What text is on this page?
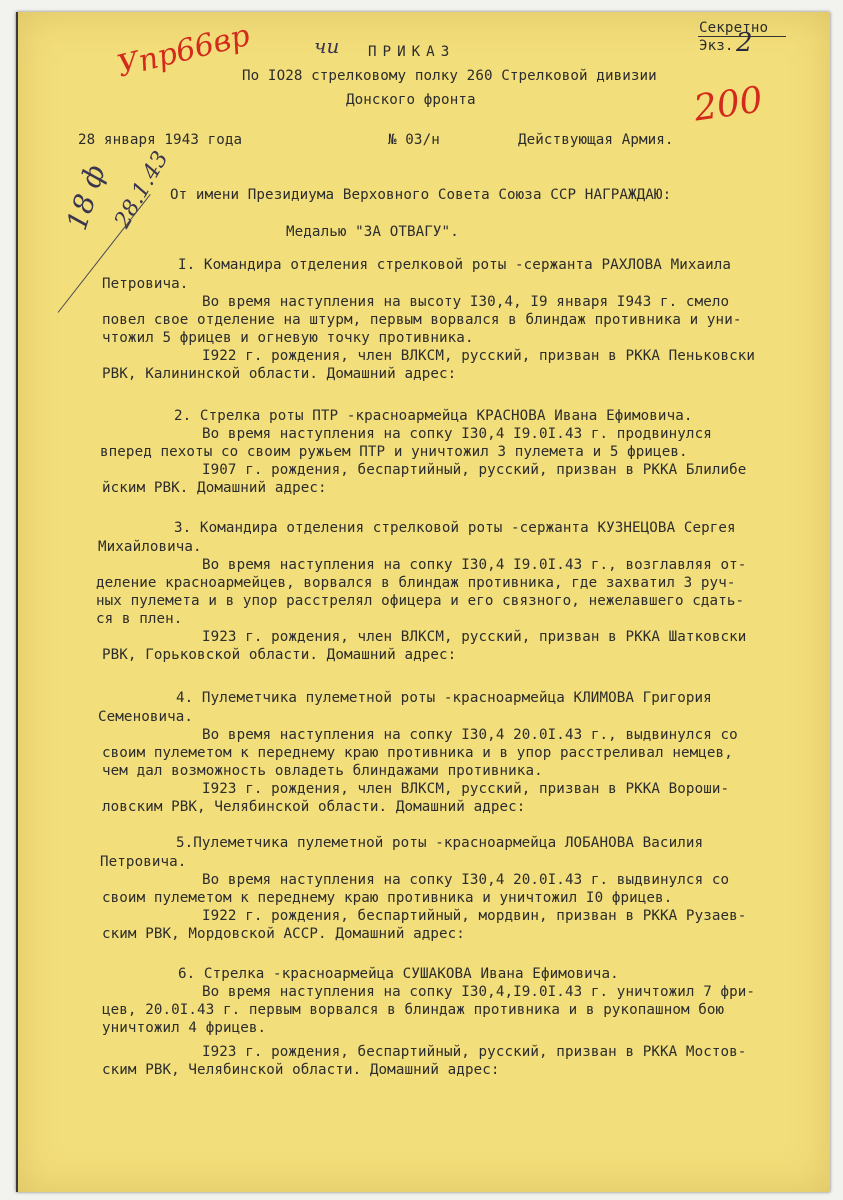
Секретно
Экз. 2
Упр66вр
200
чи
18 ф
28.1.43
ПРИКАЗ
По IO28 стрелковому полку 260 Стрелковой дивизии
Донского фронта
28 января 1943 года	№ 03/н	Действующая Армия.
От имени Президиума Верховного Совета Союза ССР НАГРАЖДАЮ:
Медалью "ЗА ОТВАГУ".
I. Командира отделения стрелковой роты -сержанта РАХЛОВА Михаила
Петровича.
Во время наступления на высоту I30,4, I9 января I943 г. смело
повел свое отделение на штурм, первым ворвался в блиндаж противника и уни-
чтожил 5 фрицев и огневую точку противника.
I922 г. рождения, член ВЛКСМ, русский, призван в РККА Пеньковски
РВК, Калининской области. Домашний адрес:
2. Стрелка роты ПТР -красноармейца КРАСНОВА Ивана Ефимовича.
Во время наступления на сопку I30,4 I9.0I.43 г. продвинулся
вперед пехоты со своим ружьем ПТР и уничтожил 3 пулемета и 5 фрицев.
I907 г. рождения, беспартийный, русский, призван в РККА Блилибе
йским РВК. Домашний адрес:
3. Командира отделения стрелковой роты -сержанта КУЗНЕЦОВА Сергея
Михайловича.
Во время наступления на сопку I30,4 I9.0I.43 г., возглавляя от-
деление красноармейцев, ворвался в блиндаж противника, где захватил 3 руч-
ных пулемета и в упор расстрелял офицера и его связного, нежелавшего сдать-
ся в плен.
I923 г. рождения, член ВЛКСМ, русский, призван в РККА Шатковски
РВК, Горьковской области. Домашний адрес:
4. Пулеметчика пулеметной роты -красноармейца КЛИМОВА Григория
Семеновича.
Во время наступления на сопку I30,4 20.0I.43 г., выдвинулся со
своим пулеметом к переднему краю противника и в упор расстреливал немцев,
чем дал возможность овладеть блиндажами противника.
I923 г. рождения, член ВЛКСМ, русский, призван в РККА Вороши-
ловским РВК, Челябинской области. Домашний адрес:
5.Пулеметчика пулеметной роты -красноармейца ЛОБАНОВА Василия
Петровича.
Во время наступления на сопку I30,4 20.0I.43 г. выдвинулся со
своим пулеметом к переднему краю противника и уничтожил I0 фрицев.
I922 г. рождения, беспартийный, мордвин, призван в РККА Рузаев-
ским РВК, Мордовской АССР. Домашний адрес:
6. Стрелка -красноармейца СУШАКОВА Ивана Ефимовича.
Во время наступления на сопку I30,4,I9.0I.43 г. уничтожил 7 фри-
цев, 20.0I.43 г. первым ворвался в блиндаж противника и в рукопашном бою
уничтожил 4 фрицев.
I923 г. рождения, беспартийный, русский, призван в РККА Мостов-
ским РВК, Челябинской области. Домашний адрес:
